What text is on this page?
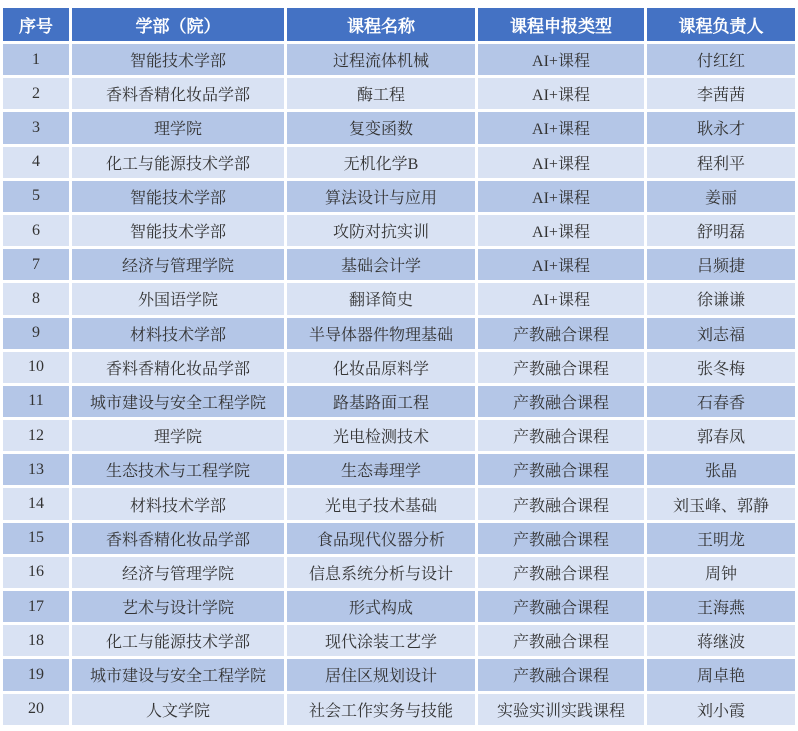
序号	学部（院）	课程名称	课程申报类型	课程负责人
1	智能技术学部	过程流体机械	AI+课程	付红红
2	香料香精化妆品学部	酶工程	AI+课程	李茜茜
3	理学院	复变函数	AI+课程	耿永才
4	化工与能源技术学部	无机化学B	AI+课程	程利平
5	智能技术学部	算法设计与应用	AI+课程	姜丽
6	智能技术学部	攻防对抗实训	AI+课程	舒明磊
7	经济与管理学院	基础会计学	AI+课程	吕频捷
8	外国语学院	翻译简史	AI+课程	徐谦谦
9	材料技术学部	半导体器件物理基础	产教融合课程	刘志福
10	香料香精化妆品学部	化妆品原料学	产教融合课程	张冬梅
11	城市建设与安全工程学院	路基路面工程	产教融合课程	石春香
12	理学院	光电检测技术	产教融合课程	郭春凤
13	生态技术与工程学院	生态毒理学	产教融合课程	张晶
14	材料技术学部	光电子技术基础	产教融合课程	刘玉峰、郭静
15	香料香精化妆品学部	食品现代仪器分析	产教融合课程	王明龙
16	经济与管理学院	信息系统分析与设计	产教融合课程	周钟
17	艺术与设计学院	形式构成	产教融合课程	王海燕
18	化工与能源技术学部	现代涂装工艺学	产教融合课程	蒋继波
19	城市建设与安全工程学院	居住区规划设计	产教融合课程	周卓艳
20	人文学院	社会工作实务与技能	实验实训实践课程	刘小霞
